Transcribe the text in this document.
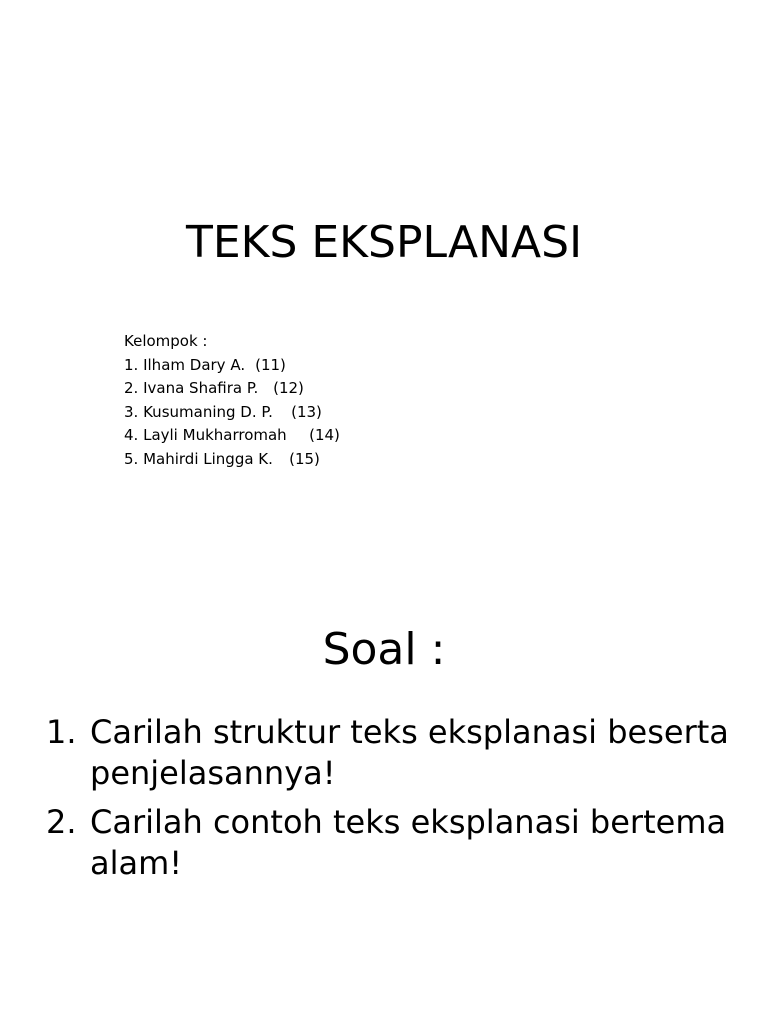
TEKS EKSPLANASI
Kelompok :
1. Ilham Dary A. (11)
2. Ivana Shafira P. (12)
3. Kusumaning D. P. (13)
4. Layli Mukharromah (14)
5. Mahirdi Lingga K. (15)
Soal :
1. Carilah struktur teks eksplanasi beserta penjelasannya!
2. Carilah contoh teks eksplanasi bertema alam!
